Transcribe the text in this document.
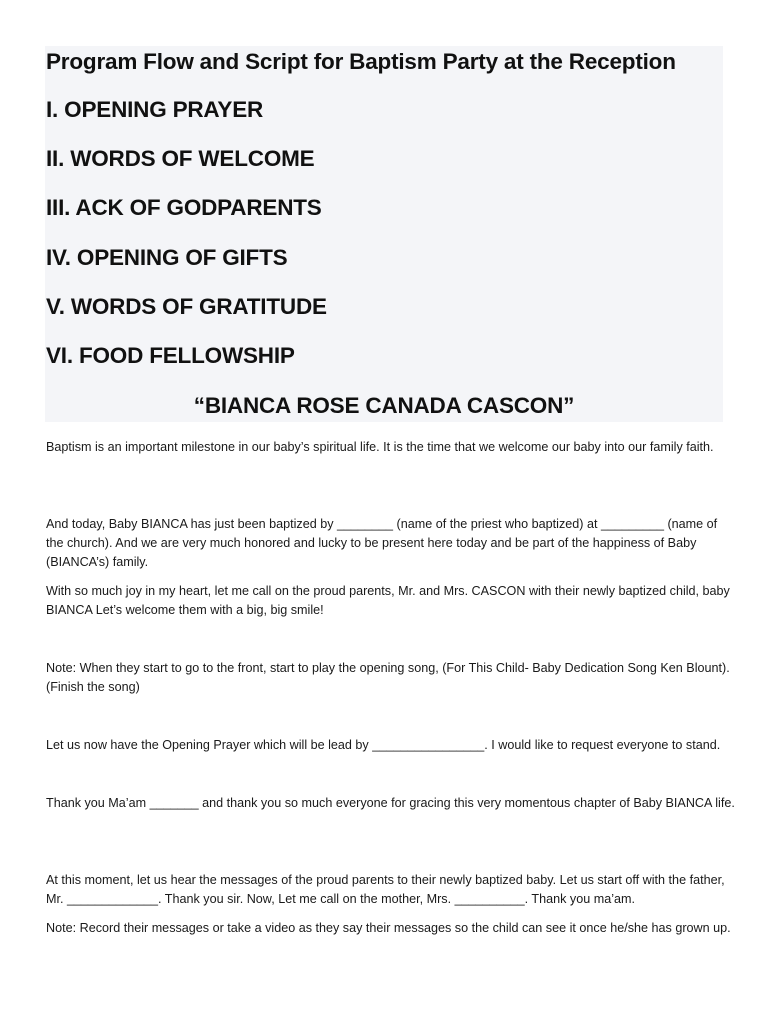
Program Flow and Script for Baptism Party at the Reception
I. OPENING PRAYER
II. WORDS OF WELCOME
III. ACK OF GODPARENTS
IV. OPENING OF GIFTS
V. WORDS OF GRATITUDE
VI. FOOD FELLOWSHIP
“BIANCA ROSE CANADA CASCON”

Baptism is an important milestone in our baby’s spiritual life. It is the time that we welcome our baby into our family faith.

And today, Baby BIANCA has just been baptized by ________ (name of the priest who baptized) at _________ (name of the church). And we are very much honored and lucky to be present here today and be part of the happiness of Baby (BIANCA’s) family.

With so much joy in my heart, let me call on the proud parents, Mr. and Mrs. CASCON with their newly baptized child, baby BIANCA Let’s welcome them with a big, big smile!

Note: When they start to go to the front, start to play the opening song, (For This Child- Baby Dedication Song Ken Blount). (Finish the song)

Let us now have the Opening Prayer which will be lead by ________________. I would like to request everyone to stand.

Thank you Ma’am _______ and thank you so much everyone for gracing this very momentous chapter of Baby BIANCA life.

At this moment, let us hear the messages of the proud parents to their newly baptized baby. Let us start off with the father, Mr. _____________. Thank you sir. Now, Let me call on the mother, Mrs. __________. Thank you ma’am.

Note: Record their messages or take a video as they say their messages so the child can see it once he/she has grown up.
